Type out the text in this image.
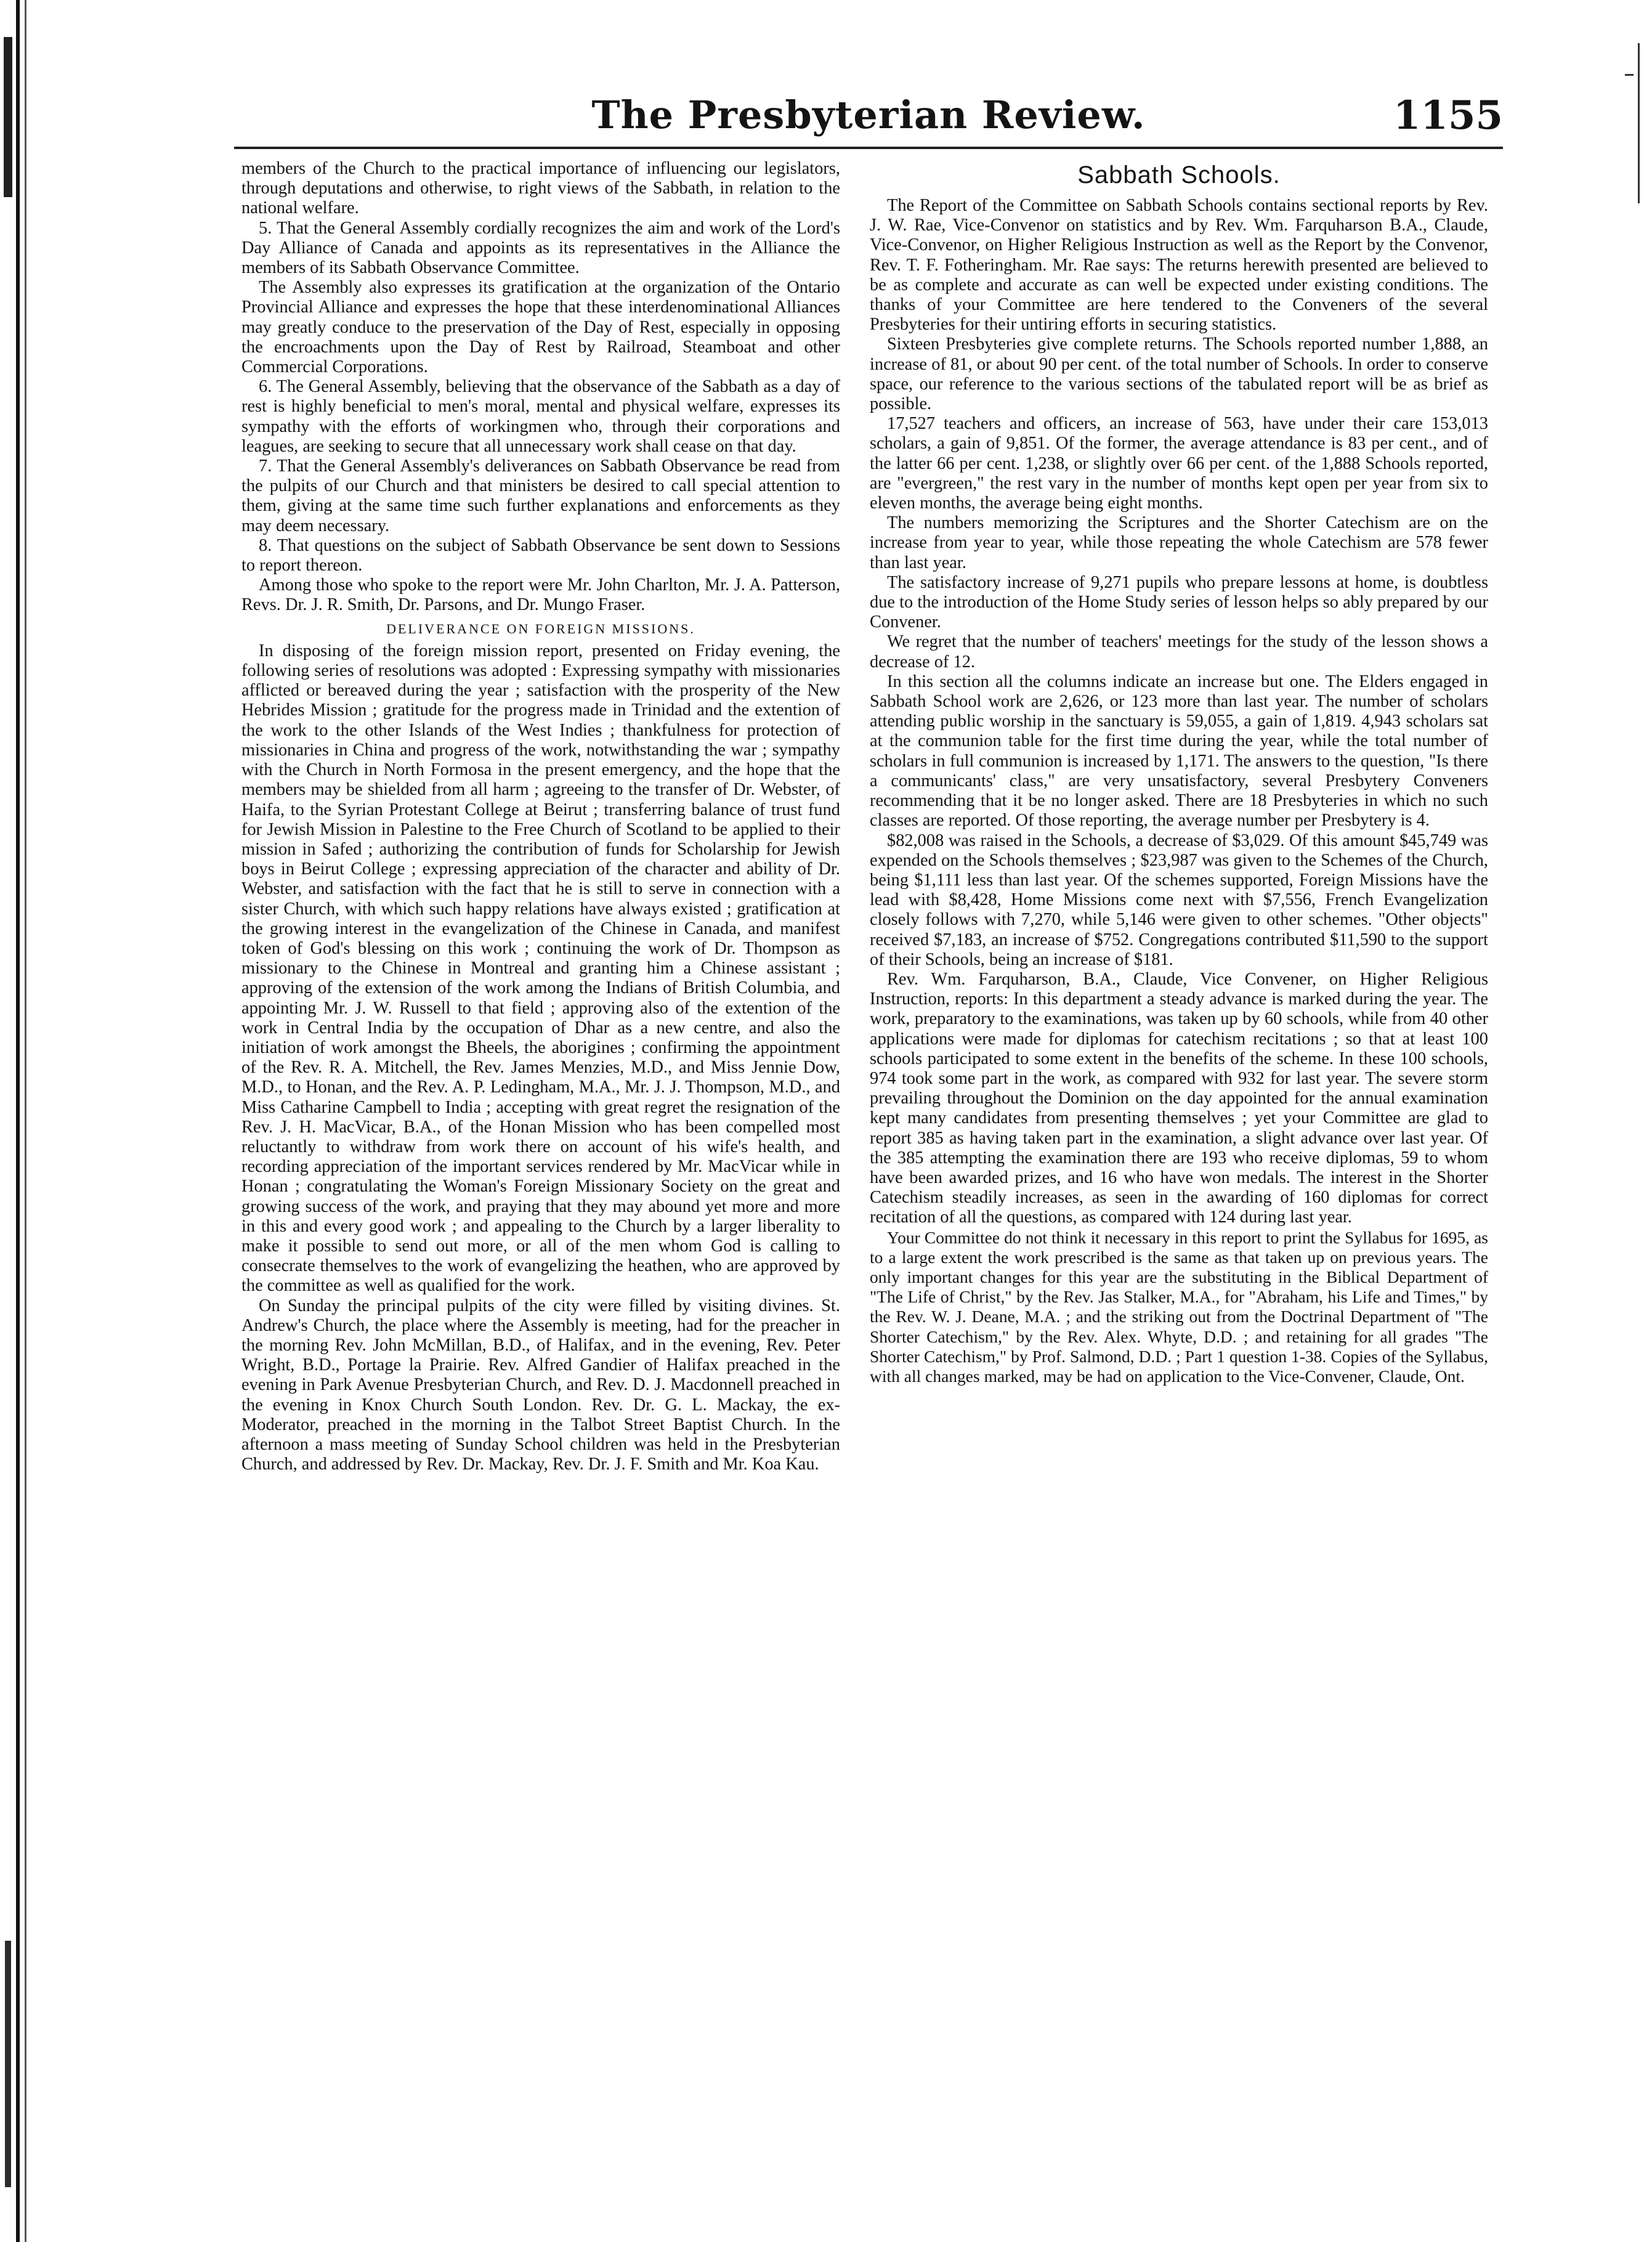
The Presbyterian Review.	1155

members of the Church to the practical importance of influencing our legislators, through deputations and otherwise, to right views of the Sabbath, in relation to the national welfare.

5. That the General Assembly cordially recognizes the aim and work of the Lord's Day Alliance of Canada and appoints as its representatives in the Alliance the members of its Sabbath Observance Committee.

The Assembly also expresses its gratification at the organization of the Ontario Provincial Alliance and expresses the hope that these interdenominational Alliances may greatly conduce to the preservation of the Day of Rest, especially in opposing the encroachments upon the Day of Rest by Railroad, Steamboat and other Commercial Corporations.

6. The General Assembly, believing that the observance of the Sabbath as a day of rest is highly beneficial to men's moral, mental and physical welfare, expresses its sympathy with the efforts of workingmen who, through their corporations and leagues, are seeking to secure that all unnecessary work shall cease on that day.

7. That the General Assembly's deliverances on Sabbath Observance be read from the pulpits of our Church and that ministers be desired to call special attention to them, giving at the same time such further explanations and enforcements as they may deem necessary.

8. That questions on the subject of Sabbath Observance be sent down to Sessions to report thereon.

Among those who spoke to the report were Mr. John Charlton, Mr. J. A. Patterson, Revs. Dr. J. R. Smith, Dr. Parsons, and Dr. Mungo Fraser.

DELIVERANCE ON FOREIGN MISSIONS.

In disposing of the foreign mission report, presented on Friday evening, the following series of resolutions was adopted : Expressing sympathy with missionaries afflicted or bereaved during the year ; satisfaction with the prosperity of the New Hebrides Mission ; gratitude for the progress made in Trinidad and the extention of the work to the other Islands of the West Indies ; thankfulness for protection of missionaries in China and progress of the work, notwithstanding the war ; sympathy with the Church in North Formosa in the present emergency, and the hope that the members may be shielded from all harm ; agreeing to the transfer of Dr. Webster, of Haifa, to the Syrian Protestant College at Beirut ; transferring balance of trust fund for Jewish Mission in Palestine to the Free Church of Scotland to be applied to their mission in Safed ; authorizing the contribution of funds for Scholarship for Jewish boys in Beirut College ; expressing appreciation of the character and ability of Dr. Webster, and satisfaction with the fact that he is still to serve in connection with a sister Church, with which such happy relations have always existed ; gratification at the growing interest in the evangelization of the Chinese in Canada, and manifest token of God's blessing on this work ; continuing the work of Dr. Thompson as missionary to the Chinese in Montreal and granting him a Chinese assistant ; approving of the extension of the work among the Indians of British Columbia, and appointing Mr. J. W. Russell to that field ; approving also of the extention of the work in Central India by the occupation of Dhar as a new centre, and also the initiation of work amongst the Bheels, the aborigines ; confirming the appointment of the Rev. R. A. Mitchell, the Rev. James Menzies, M.D., and Miss Jennie Dow, M.D., to Honan, and the Rev. A. P. Ledingham, M.A., Mr. J. J. Thompson, M.D., and Miss Catharine Campbell to India ; accepting with great regret the resignation of the Rev. J. H. MacVicar, B.A., of the Honan Mission who has been compelled most reluctantly to withdraw from work there on account of his wife's health, and recording appreciation of the important services rendered by Mr. MacVicar while in Honan ; congratulating the Woman's Foreign Missionary Society on the great and growing success of the work, and praying that they may abound yet more and more in this and every good work ; and appealing to the Church by a larger liberality to make it possible to send out more, or all of the men whom God is calling to consecrate themselves to the work of evangelizing the heathen, who are approved by the committee as well as qualified for the work.

On Sunday the principal pulpits of the city were filled by visiting divines. St. Andrew's Church, the place where the Assembly is meeting, had for the preacher in the morning Rev. John McMillan, B.D., of Halifax, and in the evening, Rev. Peter Wright, B.D., Portage la Prairie. Rev. Alfred Gandier of Halifax preached in the evening in Park Avenue Presbyterian Church, and Rev. D. J. Macdonnell preached in the evening in Knox Church South London. Rev. Dr. G. L. Mackay, the ex-Moderator, preached in the morning in the Talbot Street Baptist Church. In the afternoon a mass meeting of Sunday School children was held in the Presbyterian Church, and addressed by Rev. Dr. Mackay, Rev. Dr. J. F. Smith and Mr. Koa Kau.

Sabbath Schools.

The Report of the Committee on Sabbath Schools contains sectional reports by Rev. J. W. Rae, Vice-Convenor on statistics and by Rev. Wm. Farquharson B.A., Claude, Vice-Convenor, on Higher Religious Instruction as well as the Report by the Convenor, Rev. T. F. Fotheringham. Mr. Rae says: The returns herewith presented are believed to be as complete and accurate as can well be expected under existing conditions. The thanks of your Committee are here tendered to the Conveners of the several Presbyteries for their untiring efforts in securing statistics.

Sixteen Presbyteries give complete returns. The Schools reported number 1,888, an increase of 81, or about 90 per cent. of the total number of Schools. In order to conserve space, our reference to the various sections of the tabulated report will be as brief as possible.

17,527 teachers and officers, an increase of 563, have under their care 153,013 scholars, a gain of 9,851. Of the former, the average attendance is 83 per cent., and of the latter 66 per cent. 1,238, or slightly over 66 per cent. of the 1,888 Schools reported, are "evergreen," the rest vary in the number of months kept open per year from six to eleven months, the average being eight months.

The numbers memorizing the Scriptures and the Shorter Catechism are on the increase from year to year, while those repeating the whole Catechism are 578 fewer than last year.

The satisfactory increase of 9,271 pupils who prepare lessons at home, is doubtless due to the introduction of the Home Study series of lesson helps so ably prepared by our Convener.

We regret that the number of teachers' meetings for the study of the lesson shows a decrease of 12.

In this section all the columns indicate an increase but one. The Elders engaged in Sabbath School work are 2,626, or 123 more than last year. The number of scholars attending public worship in the sanctuary is 59,055, a gain of 1,819. 4,943 scholars sat at the communion table for the first time during the year, while the total number of scholars in full communion is increased by 1,171. The answers to the question, "Is there a communicants' class," are very unsatisfactory, several Presbytery Conveners recommending that it be no longer asked. There are 18 Presbyteries in which no such classes are reported. Of those reporting, the average number per Presbytery is 4.

$82,008 was raised in the Schools, a decrease of $3,029. Of this amount $45,749 was expended on the Schools themselves ; $23,987 was given to the Schemes of the Church, being $1,111 less than last year. Of the schemes supported, Foreign Missions have the lead with $8,428, Home Missions come next with $7,556, French Evangelization closely follows with 7,270, while 5,146 were given to other schemes. "Other objects" received $7,183, an increase of $752. Congregations contributed $11,590 to the support of their Schools, being an increase of $181.

Rev. Wm. Farquharson, B.A., Claude, Vice Convener, on Higher Religious Instruction, reports: In this department a steady advance is marked during the year. The work, preparatory to the examinations, was taken up by 60 schools, while from 40 other applications were made for diplomas for catechism recitations ; so that at least 100 schools participated to some extent in the benefits of the scheme. In these 100 schools, 974 took some part in the work, as compared with 932 for last year. The severe storm prevailing throughout the Dominion on the day appointed for the annual examination kept many candidates from presenting themselves ; yet your Committee are glad to report 385 as having taken part in the examination, a slight advance over last year. Of the 385 attempting the examination there are 193 who receive diplomas, 59 to whom have been awarded prizes, and 16 who have won medals. The interest in the Shorter Catechism steadily increases, as seen in the awarding of 160 diplomas for correct recitation of all the questions, as compared with 124 during last year.

Your Committee do not think it necessary in this report to print the Syllabus for 1695, as to a large extent the work prescribed is the same as that taken up on previous years. The only important changes for this year are the substituting in the Biblical Department of "The Life of Christ," by the Rev. Jas Stalker, M.A., for "Abraham, his Life and Times," by the Rev. W. J. Deane, M.A. ; and the striking out from the Doctrinal Department of "The Shorter Catechism," by the Rev. Alex. Whyte, D.D. ; and retaining for all grades "The Shorter Catechism," by Prof. Salmond, D.D. ; Part 1 question 1-38. Copies of the Syllabus, with all changes marked, may be had on application to the Vice-Convener, Claude, Ont.
